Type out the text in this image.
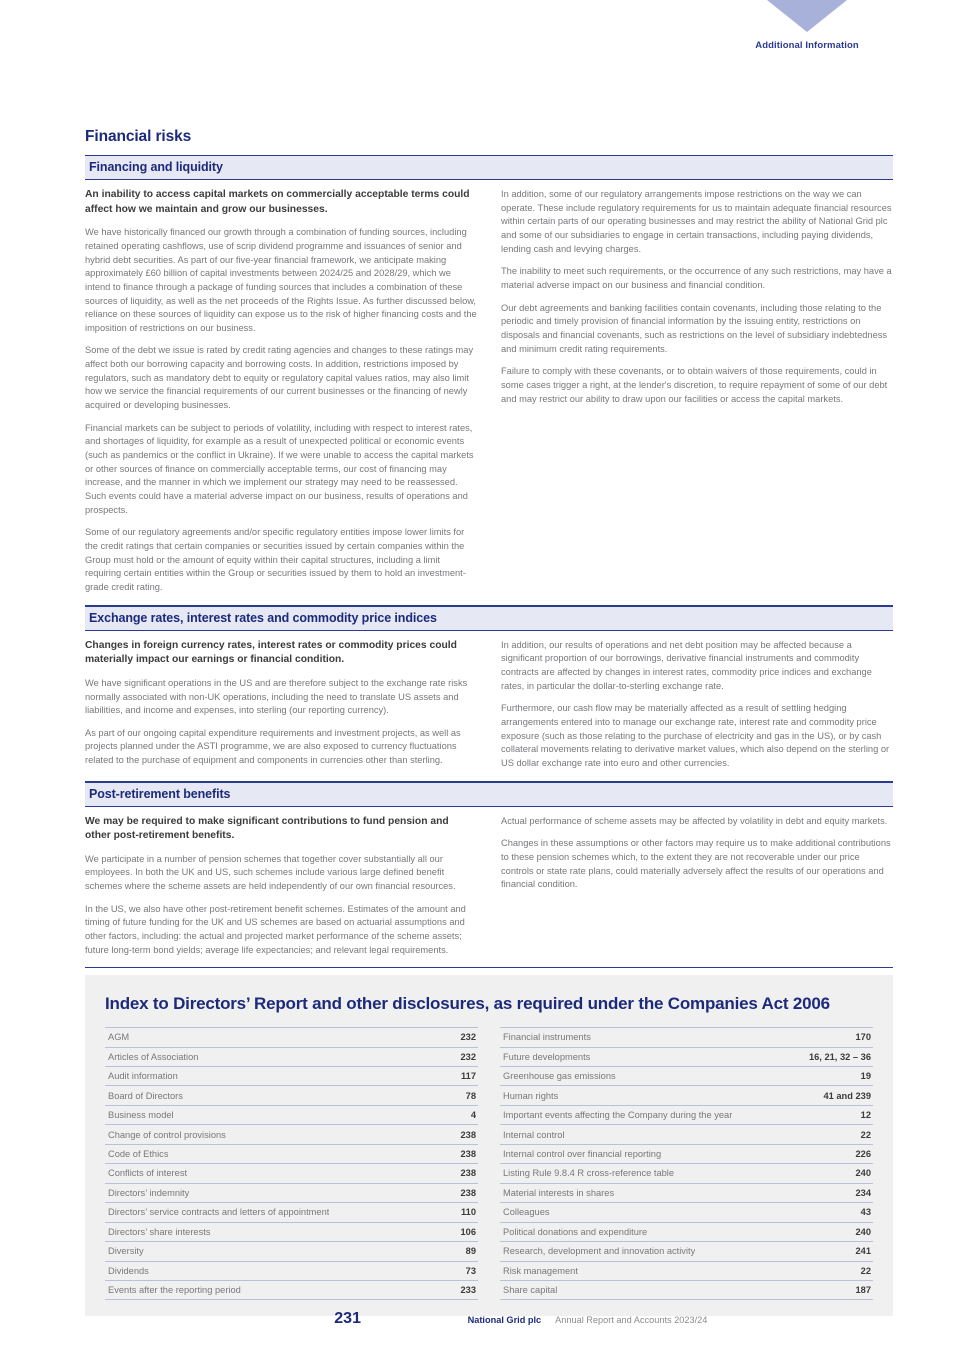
Additional Information
Financial risks
Financing and liquidity

An inability to access capital markets on commercially acceptable terms could affect how we maintain and grow our businesses.

We have historically financed our growth through a combination of funding sources, including retained operating cashflows, use of scrip dividend programme and issuances of senior and hybrid debt securities. As part of our five-year financial framework, we anticipate making approximately £60 billion of capital investments between 2024/25 and 2028/29, which we intend to finance through a package of funding sources that includes a combination of these sources of liquidity, as well as the net proceeds of the Rights Issue. As further discussed below, reliance on these sources of liquidity can expose us to the risk of higher financing costs and the imposition of restrictions on our business.

Some of the debt we issue is rated by credit rating agencies and changes to these ratings may affect both our borrowing capacity and borrowing costs. In addition, restrictions imposed by regulators, such as mandatory debt to equity or regulatory capital values ratios, may also limit how we service the financial requirements of our current businesses or the financing of newly acquired or developing businesses.

Financial markets can be subject to periods of volatility, including with respect to interest rates, and shortages of liquidity, for example as a result of unexpected political or economic events (such as pandemics or the conflict in Ukraine). If we were unable to access the capital markets or other sources of finance on commercially acceptable terms, our cost of financing may increase, and the manner in which we implement our strategy may need to be reassessed. Such events could have a material adverse impact on our business, results of operations and prospects.

Some of our regulatory agreements and/or specific regulatory entities impose lower limits for the credit ratings that certain companies or securities issued by certain companies within the Group must hold or the amount of equity within their capital structures, including a limit requiring certain entities within the Group or securities issued by them to hold an investment-grade credit rating.

In addition, some of our regulatory arrangements impose restrictions on the way we can operate. These include regulatory requirements for us to maintain adequate financial resources within certain parts of our operating businesses and may restrict the ability of National Grid plc and some of our subsidiaries to engage in certain transactions, including paying dividends, lending cash and levying charges.

The inability to meet such requirements, or the occurrence of any such restrictions, may have a material adverse impact on our business and financial condition.

Our debt agreements and banking facilities contain covenants, including those relating to the periodic and timely provision of financial information by the issuing entity, restrictions on disposals and financial covenants, such as restrictions on the level of subsidiary indebtedness and minimum credit rating requirements.

Failure to comply with these covenants, or to obtain waivers of those requirements, could in some cases trigger a right, at the lender's discretion, to require repayment of some of our debt and may restrict our ability to draw upon our facilities or access the capital markets.

Exchange rates, interest rates and commodity price indices

Changes in foreign currency rates, interest rates or commodity prices could materially impact our earnings or financial condition.

We have significant operations in the US and are therefore subject to the exchange rate risks normally associated with non-UK operations, including the need to translate US assets and liabilities, and income and expenses, into sterling (our reporting currency).

As part of our ongoing capital expenditure requirements and investment projects, as well as projects planned under the ASTI programme, we are also exposed to currency fluctuations related to the purchase of equipment and components in currencies other than sterling.

In addition, our results of operations and net debt position may be affected because a significant proportion of our borrowings, derivative financial instruments and commodity contracts are affected by changes in interest rates, commodity price indices and exchange rates, in particular the dollar-to-sterling exchange rate.

Furthermore, our cash flow may be materially affected as a result of settling hedging arrangements entered into to manage our exchange rate, interest rate and commodity price exposure (such as those relating to the purchase of electricity and gas in the US), or by cash collateral movements relating to derivative market values, which also depend on the sterling or US dollar exchange rate into euro and other currencies.

Post-retirement benefits

We may be required to make significant contributions to fund pension and other post-retirement benefits.

We participate in a number of pension schemes that together cover substantially all our employees. In both the UK and US, such schemes include various large defined benefit schemes where the scheme assets are held independently of our own financial resources.

In the US, we also have other post-retirement benefit schemes. Estimates of the amount and timing of future funding for the UK and US schemes are based on actuarial assumptions and other factors, including: the actual and projected market performance of the scheme assets; future long-term bond yields; average life expectancies; and relevant legal requirements.

Actual performance of scheme assets may be affected by volatility in debt and equity markets.

Changes in these assumptions or other factors may require us to make additional contributions to these pension schemes which, to the extent they are not recoverable under our price controls or state rate plans, could materially adversely affect the results of our operations and financial condition.

Index to Directors’ Report and other disclosures, as required under the Companies Act 2006
AGM	232
Articles of Association	232
Audit information	117
Board of Directors	78
Business model	4
Change of control provisions	238
Code of Ethics	238
Conflicts of interest	238
Directors’ indemnity	238
Directors’ service contracts and letters of appointment	110
Directors’ share interests	106
Diversity	89
Dividends	73
Events after the reporting period	233
Financial instruments	170
Future developments	16, 21, 32 – 36
Greenhouse gas emissions	19
Human rights	41 and 239
Important events affecting the Company during the year	12
Internal control	22
Internal control over financial reporting	226
Listing Rule 9.8.4 R cross-reference table	240
Material interests in shares	234
Colleagues	43
Political donations and expenditure	240
Research, development and innovation activity	241
Risk management	22
Share capital	187
231	National Grid plc Annual Report and Accounts 2023/24
